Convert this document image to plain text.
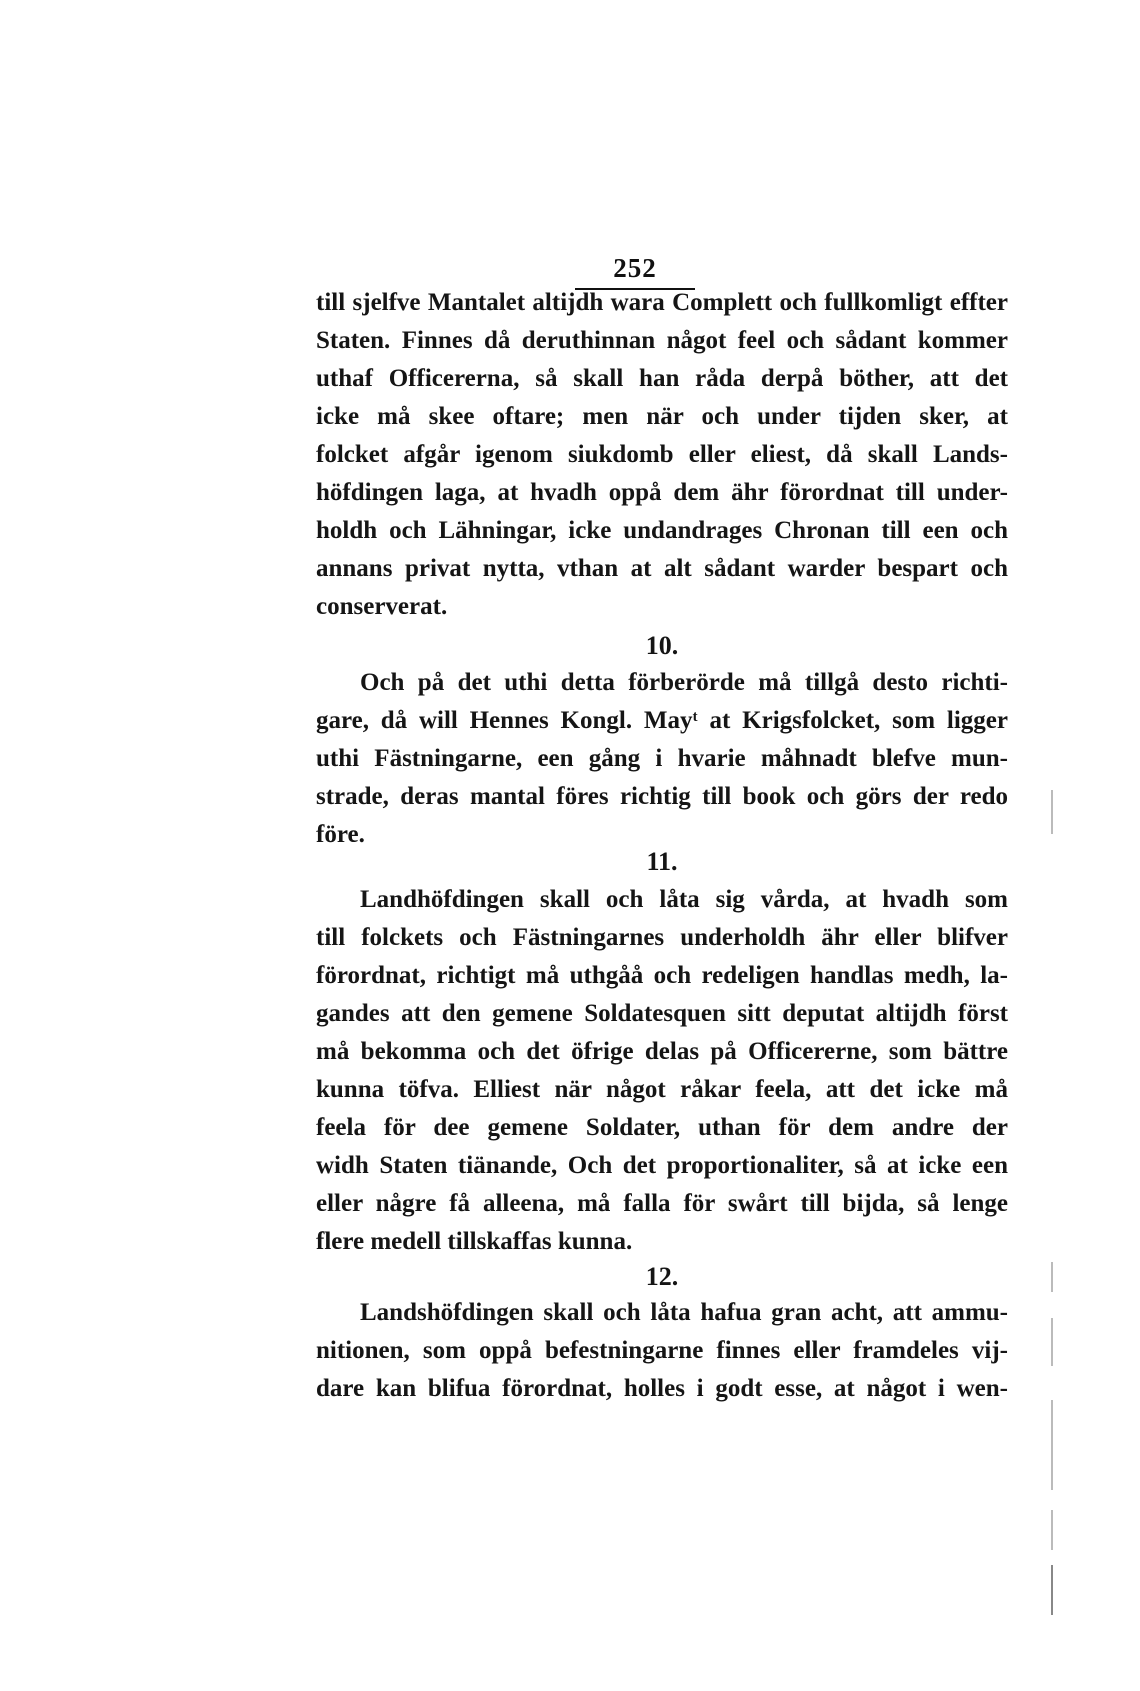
252
till sjelfve Mantalet altijdh wara Complett och fullkomligt effter
Staten. Finnes då deruthinnan något feel och sådant kommer
uthaf Officererna, så skall han råda derpå böther, att det
icke må skee oftare; men när och under tijden sker, at
folcket afgår igenom siukdomb eller eliest, då skall Lands-
höfdingen laga, at hvadh oppå dem ähr förordnat till under-
holdh och Lähningar, icke undandrages Chronan till een och
annans privat nytta, vthan at alt sådant warder bespart och
conserverat.
10.
Och på det uthi detta förberörde må tillgå desto richti-
gare, då will Hennes Kongl. Mayᵗ at Krigsfolcket, som ligger
uthi Fästningarne, een gång i hvarie måhnadt blefve mun-
strade, deras mantal föres richtig till book och görs der redo
före.
11.
Landhöfdingen skall och låta sig vårda, at hvadh som
till folckets och Fästningarnes underholdh ähr eller blifver
förordnat, richtigt må uthgåå och redeligen handlas medh, la-
gandes att den gemene Soldatesquen sitt deputat altijdh först
må bekomma och det öfrige delas på Officererne, som bättre
kunna töfva. Elliest när något råkar feela, att det icke må
feela för dee gemene Soldater, uthan för dem andre der
widh Staten tiänande, Och det proportionaliter, så at icke een
eller någre få alleena, må falla för swårt till bijda, så lenge
flere medell tillskaffas kunna.
12.
Landshöfdingen skall och låta hafua gran acht, att ammu-
nitionen, som oppå befestningarne finnes eller framdeles vij-
dare kan blifua förordnat, holles i godt esse, at något i wen-
